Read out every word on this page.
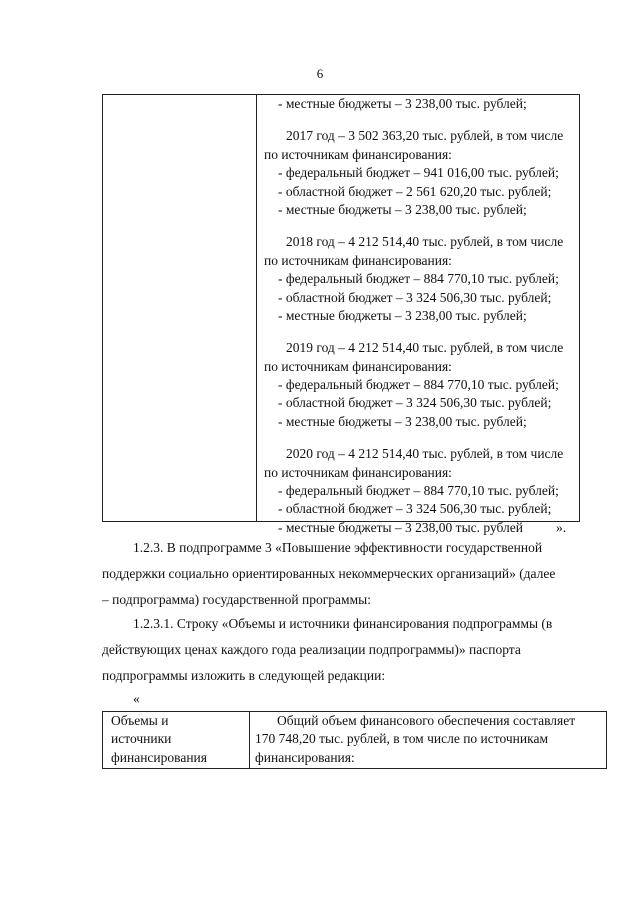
6
- местные бюджеты – 3 238,00 тыс. рублей;
2017 год – 3 502 363,20 тыс. рублей, в том числе
по источникам финансирования:
- федеральный бюджет – 941 016,00 тыс. рублей;
- областной бюджет – 2 561 620,20 тыс. рублей;
- местные бюджеты – 3 238,00 тыс. рублей;
2018 год – 4 212 514,40 тыс. рублей, в том числе
по источникам финансирования:
- федеральный бюджет – 884 770,10 тыс. рублей;
- областной бюджет – 3 324 506,30 тыс. рублей;
- местные бюджеты – 3 238,00 тыс. рублей;
2019 год – 4 212 514,40 тыс. рублей, в том числе
по источникам финансирования:
- федеральный бюджет – 884 770,10 тыс. рублей;
- областной бюджет – 3 324 506,30 тыс. рублей;
- местные бюджеты – 3 238,00 тыс. рублей;
2020 год – 4 212 514,40 тыс. рублей, в том числе
по источникам финансирования:
- федеральный бюджет – 884 770,10 тыс. рублей;
- областной бюджет – 3 324 506,30 тыс. рублей;
- местные бюджеты – 3 238,00 тыс. рублей	».
1.2.3. В подпрограмме 3 «Повышение эффективности государственной
поддержки социально ориентированных некоммерческих организаций» (далее
– подпрограмма) государственной программы:
1.2.3.1. Строку «Объемы и источники финансирования подпрограммы (в
действующих ценах каждого года реализации подпрограммы)» паспорта
подпрограммы изложить в следующей редакции:
«
Объемы и
источники
финансирования
Общий объем финансового обеспечения составляет
170 748,20 тыс. рублей, в том числе по источникам
финансирования:
